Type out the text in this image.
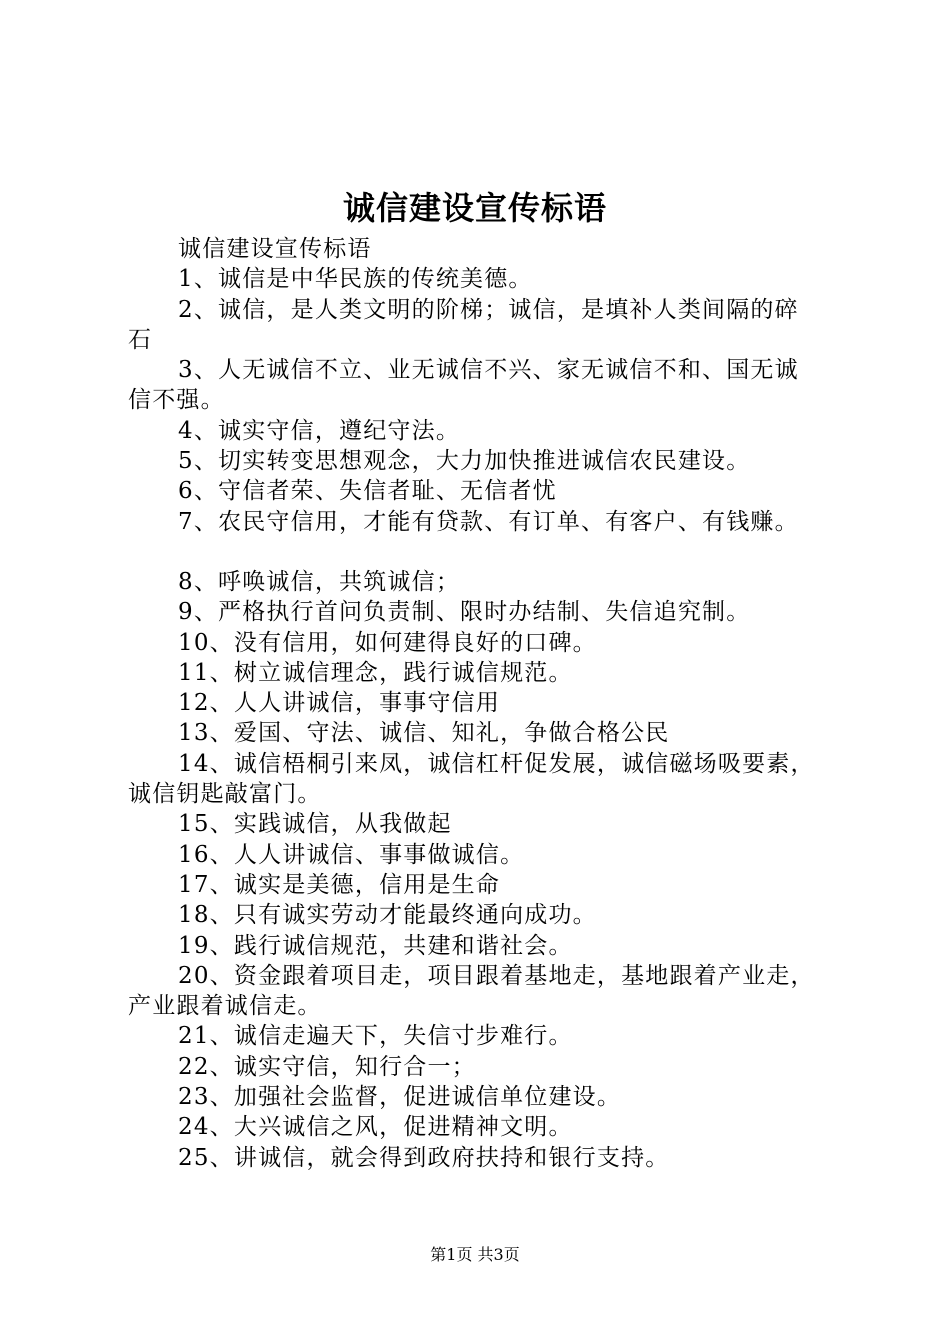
诚信建设宣传标语
诚信建设宣传标语
1、诚信是中华民族的传统美德。
2、诚信，是人类文明的阶梯；诚信，是填补人类间隔的碎
石
3、人无诚信不立、业无诚信不兴、家无诚信不和、国无诚
信不强。
4、诚实守信，遵纪守法。
5、切实转变思想观念，大力加快推进诚信农民建设。
6、守信者荣、失信者耻、无信者忧
7、农民守信用，才能有贷款、有订单、有客户、有钱赚。
8、呼唤诚信，共筑诚信；
9、严格执行首问负责制、限时办结制、失信追究制。
10、没有信用，如何建得良好的口碑。
11、树立诚信理念，践行诚信规范。
12、人人讲诚信，事事守信用
13、爱国、守法、诚信、知礼，争做合格公民
14、诚信梧桐引来凤，诚信杠杆促发展，诚信磁场吸要素，
诚信钥匙敲富门。
15、实践诚信，从我做起
16、人人讲诚信、事事做诚信。
17、诚实是美德，信用是生命
18、只有诚实劳动才能最终通向成功。
19、践行诚信规范，共建和谐社会。
20、资金跟着项目走，项目跟着基地走，基地跟着产业走，
产业跟着诚信走。
21、诚信走遍天下，失信寸步难行。
22、诚实守信，知行合一；
23、加强社会监督，促进诚信单位建设。
24、大兴诚信之风，促进精神文明。
25、讲诚信，就会得到政府扶持和银行支持。
第1页 共3页
